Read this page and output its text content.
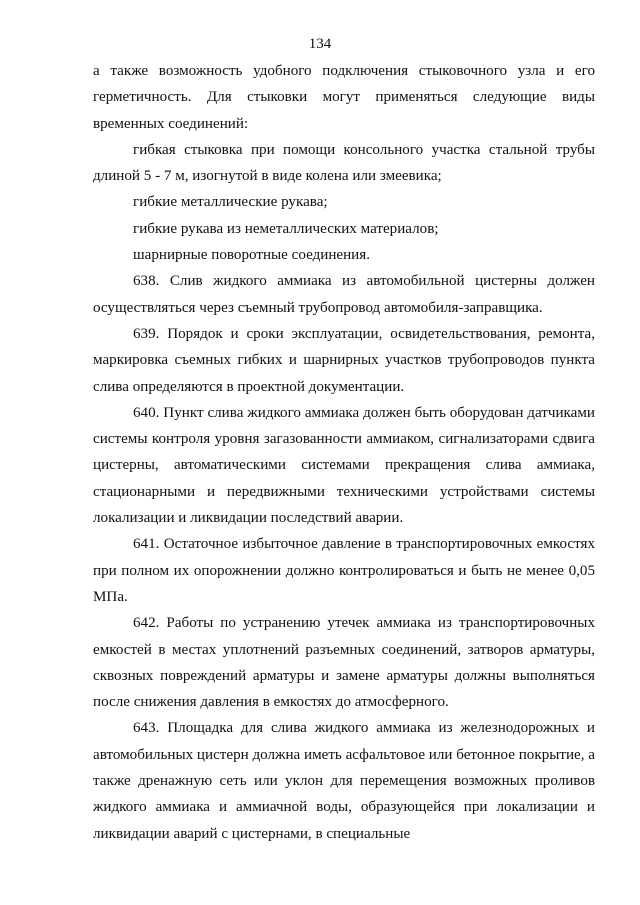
134

а также возможность удобного подключения стыковочного узла и его герметичность. Для стыковки могут применяться следующие виды временных соединений:

гибкая стыковка при помощи консольного участка стальной трубы длиной 5 - 7 м, изогнутой в виде колена или змеевика;

гибкие металлические рукава;

гибкие рукава из неметаллических материалов;

шарнирные поворотные соединения.

638. Слив жидкого аммиака из автомобильной цистерны должен осуществляться через съемный трубопровод автомобиля-заправщика.

639. Порядок и сроки эксплуатации, освидетельствования, ремонта, маркировка съемных гибких и шарнирных участков трубопроводов пункта слива определяются в проектной документации.

640. Пункт слива жидкого аммиака должен быть оборудован датчиками системы контроля уровня загазованности аммиаком, сигнализаторами сдвига цистерны, автоматическими системами прекращения слива аммиака, стационарными и передвижными техническими устройствами системы локализации и ликвидации последствий аварии.

641. Остаточное избыточное давление в транспортировочных емкостях при полном их опорожнении должно контролироваться и быть не менее 0,05 МПа.

642. Работы по устранению утечек аммиака из транспортировочных емкостей в местах уплотнений разъемных соединений, затворов арматуры, сквозных повреждений арматуры и замене арматуры должны выполняться после снижения давления в емкостях до атмосферного.

643. Площадка для слива жидкого аммиака из железнодорожных и автомобильных цистерн должна иметь асфальтовое или бетонное покрытие, а также дренажную сеть или уклон для перемещения возможных проливов жидкого аммиака и аммиачной воды, образующейся при локализации и ликвидации аварий с цистернами, в специальные
